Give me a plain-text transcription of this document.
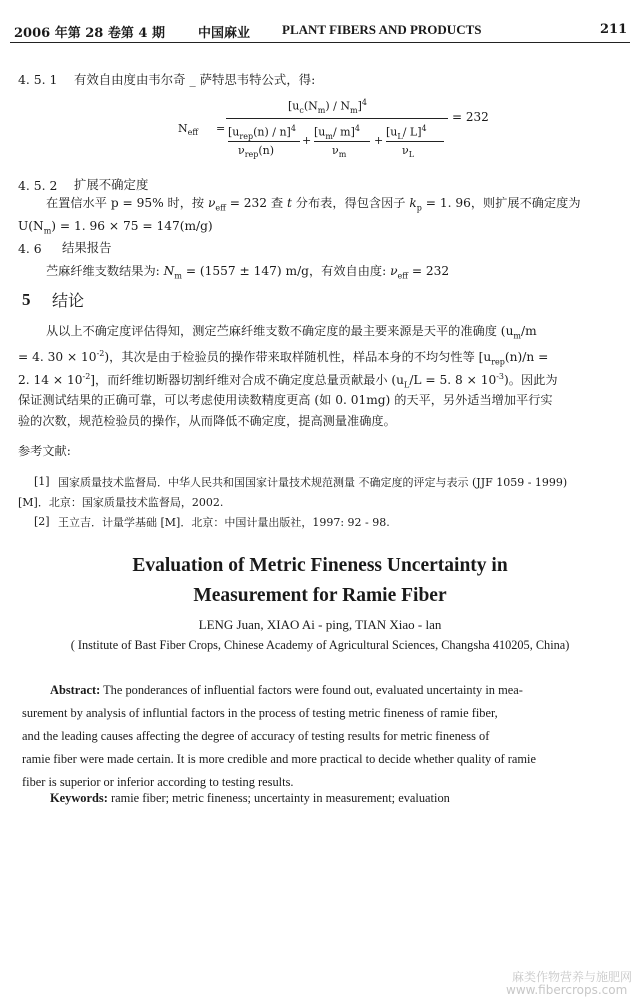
2006 年第 28 卷第 4 期	中国麻业 PLANT FIBERS AND PRODUCTS	211
4. 5. 1 有效自由度由韦尔奇 _ 萨特思韦特公式，得:
$N_{eff}$ =
$[u_c(N_m) / N_m]^4$
$[u_{rep}(n) / n]^4$
$\nu_{rep}(n)$
+
[$u_m/$ m]$^4$
$\nu_m$
+
[$u_L/$ L]$^4$
$\nu_L$
= 232
4. 5. 2 扩展不确定度
在置信水平 p = 95% 时，按 $\nu_{eff} = 232$ 查 t 分布表，得包含因子 $k_p = 1$. 96，则扩展不确定度为
$U(N_m) = 1$. 96 × 75 = 147(m/g)
4. 6 结果报告
苎麻纤维支数结果为: $N_m = (1557 \pm 147)$ m/g，有效自由度: $\nu_{eff} = 232$
5 结论
从以上不确定度评估得知，测定苎麻纤维支数不确定度的最主要来源是天平的准确度 ($u_m/m$
= 4. $30 \times 10^{-2}$)，其次是由于检验员的操作带来取样随机性，样品本身的不均匀性等 [$u_{rep}(n)/n$ =
2. $14 \times 10^{-2}$]，而纤维切断器切割纤维对合成不确定度总量贡献最小 ($u_L/L = 5$. $8 \times 10^{-3}$)。因此为
保证测试结果的正确可靠，可以考虑使用读数精度更高 (如 0. 01mg) 的天平，另外适当增加平行实
验的次数，规范检验员的操作，从而降低不确定度，提高测量准确度。
参考文献:
[1] 国家质量技术监督局．中华人民共和国国家计量技术规范测量 不确定度的评定与表示 (JJF 1059 - 1999)
[M]．北京：国家质量技术监督局，2002.
[2] 王立吉．计量学基础 [M]．北京：中国计量出版社，1997: 92 - 98.
Evaluation of Metric Fineness Uncertainty in
Measurement for Ramie Fiber
LENG Juan, XIAO Ai - ping, TIAN Xiao - lan
( Institute of Bast Fiber Crops, Chinese Academy of Agricultural Sciences, Changsha 410205, China)
Abstract: The ponderances of influential factors were found out, evaluated uncertainty in mea-
surement by analysis of influntial factors in the process of testing metric fineness of ramie fiber,
and the leading causes affecting the degree of accuracy of testing results for metric fineness of
ramie fiber were made certain. It is more credible and more practical to decide whether quality of ramie
fiber is superior or inferior according to testing results.
Keywords: ramie fiber; metric fineness; uncertainty in measurement; evaluation
麻类作物营养与施肥网
www.fibercrops.com
